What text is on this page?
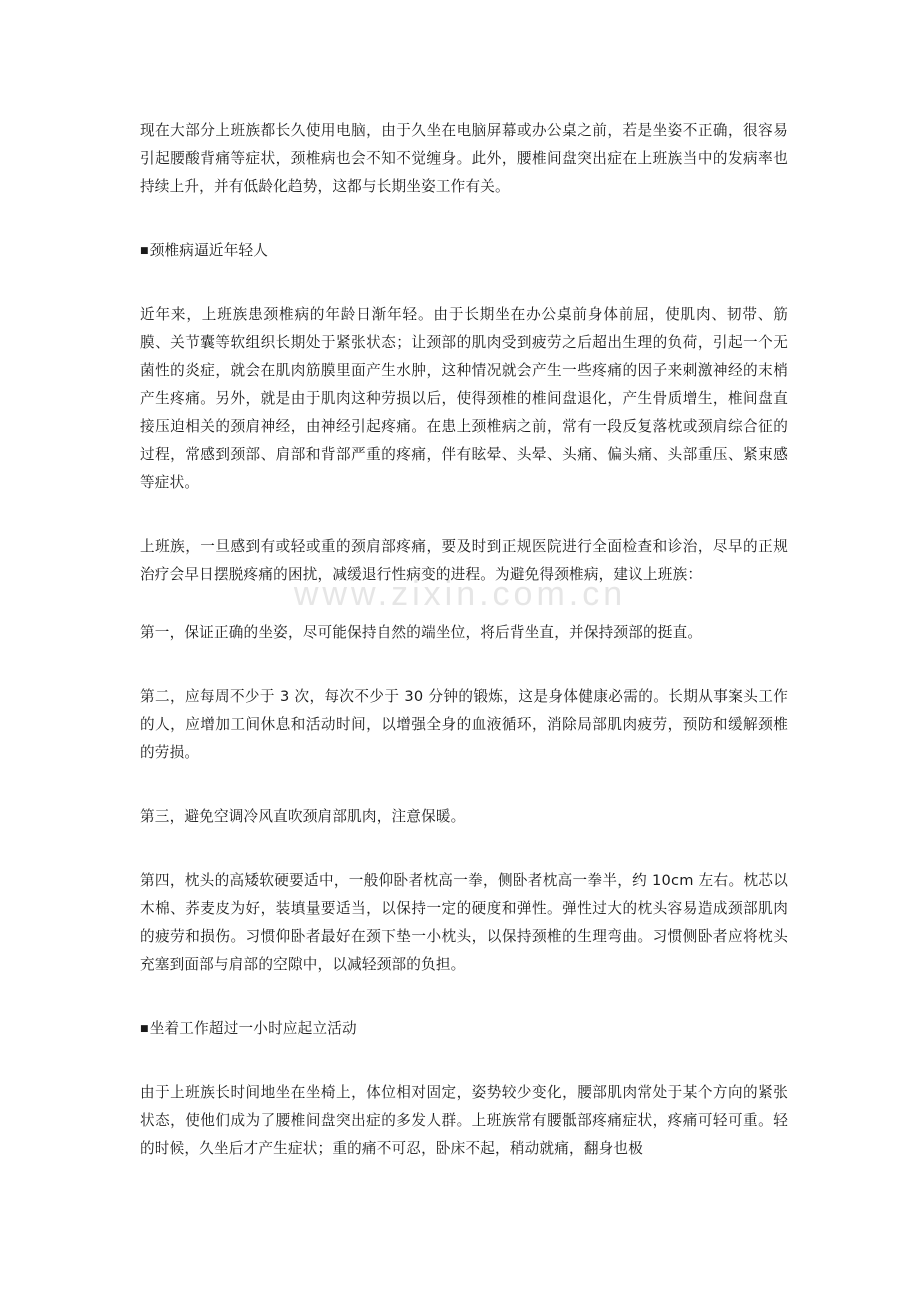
www.zixin.com.cn

现在大部分上班族都长久使用电脑，由于久坐在电脑屏幕或办公桌之前，若是坐姿不正确，很容易引起腰酸背痛等症状，颈椎病也会不知不觉缠身。此外，腰椎间盘突出症在上班族当中的发病率也持续上升，并有低龄化趋势，这都与长期坐姿工作有关。

■颈椎病逼近年轻人

近年来，上班族患颈椎病的年龄日渐年轻。由于长期坐在办公桌前身体前屈，使肌肉、韧带、筋膜、关节囊等软组织长期处于紧张状态；让颈部的肌肉受到疲劳之后超出生理的负荷，引起一个无菌性的炎症，就会在肌肉筋膜里面产生水肿，这种情况就会产生一些疼痛的因子来刺激神经的末梢产生疼痛。另外，就是由于肌肉这种劳损以后，使得颈椎的椎间盘退化，产生骨质增生，椎间盘直接压迫相关的颈肩神经，由神经引起疼痛。在患上颈椎病之前，常有一段反复落枕或颈肩综合征的过程，常感到颈部、肩部和背部严重的疼痛，伴有眩晕、头晕、头痛、偏头痛、头部重压、紧束感等症状。

上班族，一旦感到有或轻或重的颈肩部疼痛，要及时到正规医院进行全面检查和诊治，尽早的正规治疗会早日摆脱疼痛的困扰，减缓退行性病变的进程。为避免得颈椎病，建议上班族：

第一，保证正确的坐姿，尽可能保持自然的端坐位，将后背坐直，并保持颈部的挺直。

第二，应每周不少于 3 次，每次不少于 30 分钟的锻炼，这是身体健康必需的。长期从事案头工作的人，应增加工间休息和活动时间，以增强全身的血液循环，消除局部肌肉疲劳，预防和缓解颈椎的劳损。

第三，避免空调冷风直吹颈肩部肌肉，注意保暖。

第四，枕头的高矮软硬要适中，一般仰卧者枕高一拳，侧卧者枕高一拳半，约 10cm 左右。枕芯以木棉、荞麦皮为好，装填量要适当，以保持一定的硬度和弹性。弹性过大的枕头容易造成颈部肌肉的疲劳和损伤。习惯仰卧者最好在颈下垫一小枕头，以保持颈椎的生理弯曲。习惯侧卧者应将枕头充塞到面部与肩部的空隙中，以减轻颈部的负担。

■坐着工作超过一小时应起立活动

由于上班族长时间地坐在坐椅上，体位相对固定，姿势较少变化，腰部肌肉常处于某个方向的紧张状态，使他们成为了腰椎间盘突出症的多发人群。上班族常有腰骶部疼痛症状，疼痛可轻可重。轻的时候，久坐后才产生症状；重的痛不可忍，卧床不起，稍动就痛，翻身也极
